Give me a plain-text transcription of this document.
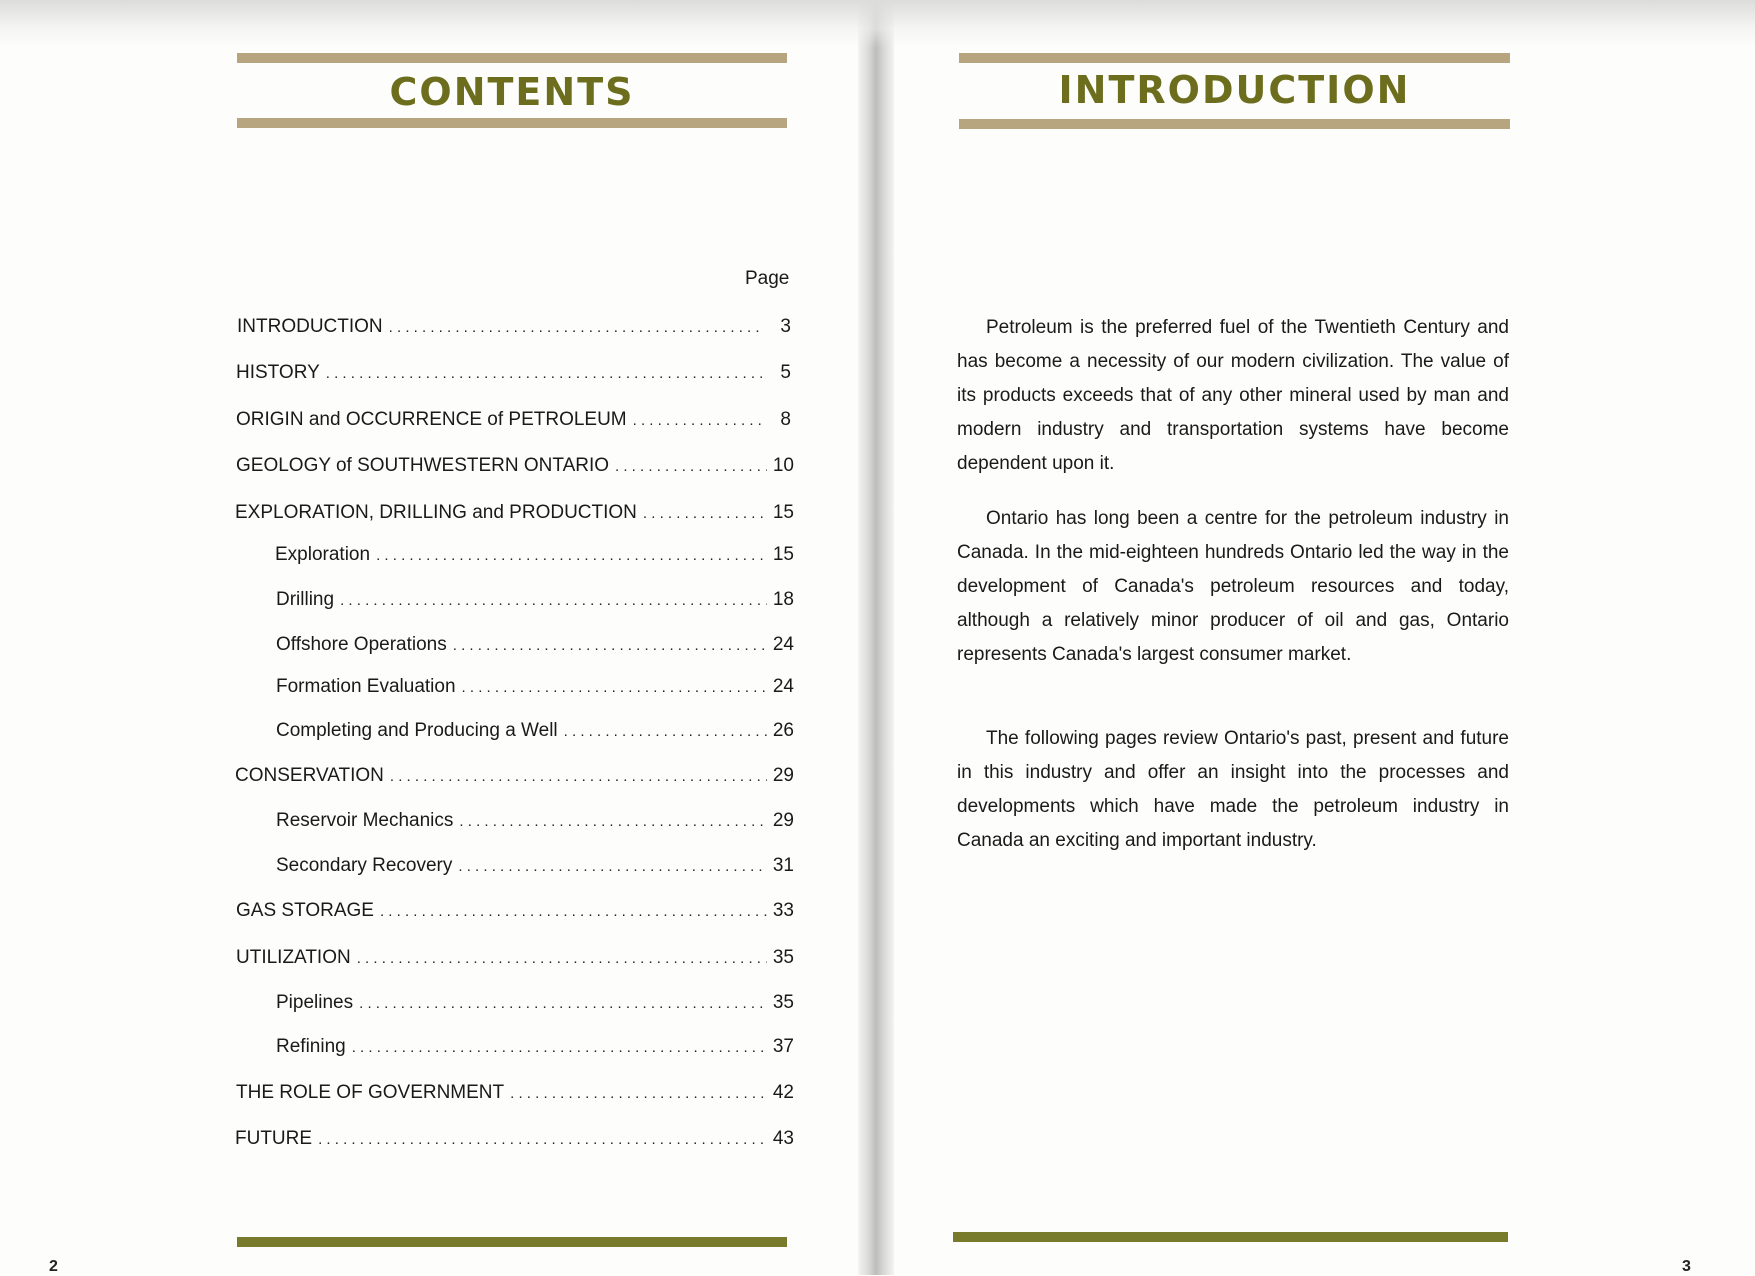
CONTENTS
Page
INTRODUCTION . . .	3
HISTORY . . .	5
ORIGIN and OCCURRENCE of PETROLEUM . . .	8
GEOLOGY of SOUTHWESTERN ONTARIO . . .	10
EXPLORATION, DRILLING and PRODUCTION . . .	15
Exploration . . .	15
Drilling . . .	18
Offshore Operations . . .	24
Formation Evaluation . . .	24
Completing and Producing a Well . . .	26
CONSERVATION . . .	29
Reservoir Mechanics . . .	29
Secondary Recovery . . .	31
GAS STORAGE . . .	33
UTILIZATION . . .	35
Pipelines . . .	35
Refining . . .	37
THE ROLE OF GOVERNMENT . . .	42
FUTURE . . .	43
2
INTRODUCTION

Petroleum is the preferred fuel of the Twentieth Century and has become a necessity of our modern civilization. The value of its products exceeds that of any other mineral used by man and modern industry and transportation systems have become dependent upon it.

Ontario has long been a centre for the petroleum industry in Canada. In the mid-eighteen hundreds Ontario led the way in the development of Canada's petroleum resources and today, although a relatively minor producer of oil and gas, Ontario represents Canada's largest consumer market.

The following pages review Ontario's past, present and future in this industry and offer an insight into the processes and developments which have made the petroleum industry in Canada an exciting and important industry.

3
